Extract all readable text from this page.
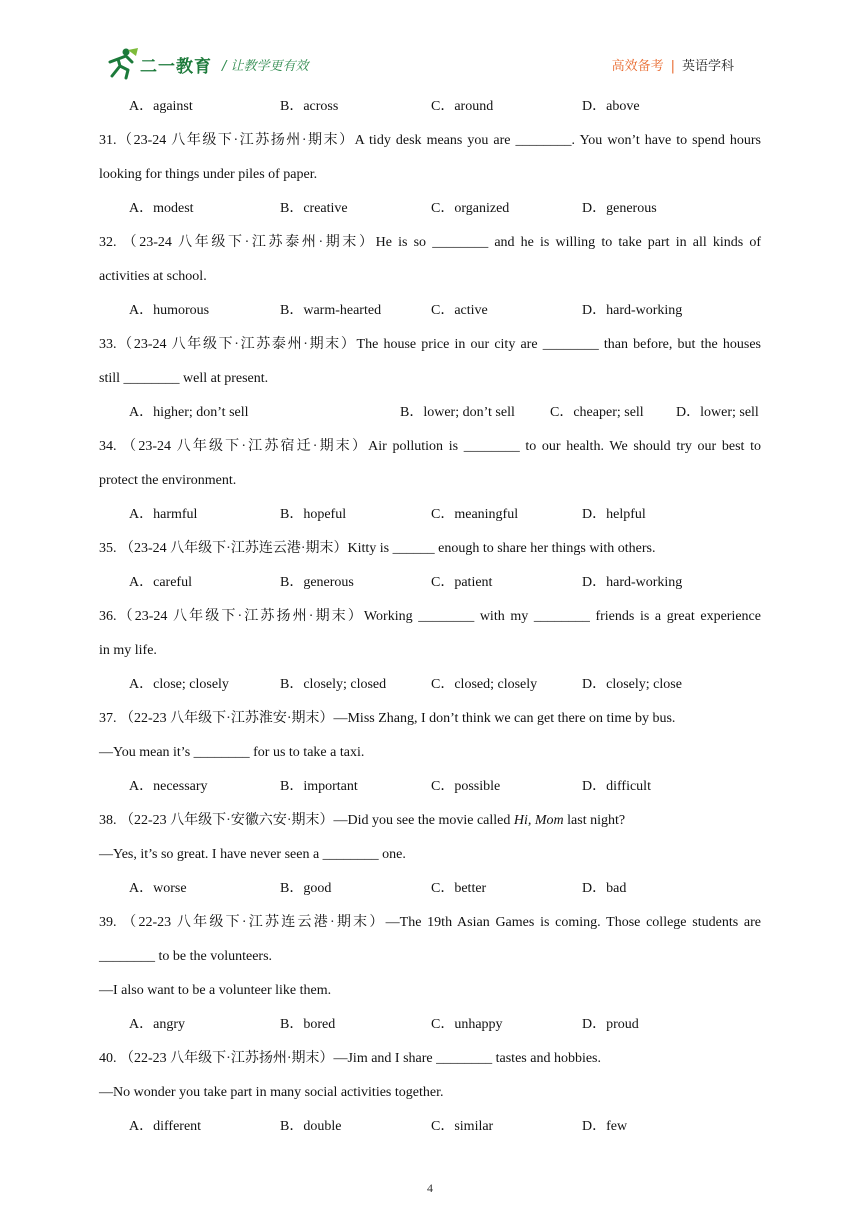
二一教育 / 让教学更有效	高效备考 | 英语学科
A．against	B．across	C．around	D．above
31.（23-24 八年级下·江苏扬州·期末）A tidy desk means you are ________. You won’t have to spend hours
looking for things under piles of paper.
A．modest	B．creative	C．organized	D．generous
32. （23-24 八年级下·江苏泰州·期末）He is so ________ and he is willing to take part in all kinds of
activities at school.
A．humorous	B．warm-hearted	C．active	D．hard-working
33.（23-24 八年级下·江苏泰州·期末）The house price in our city are ________ than before, but the houses
still ________ well at present.
A．higher; don’t sell	B．lower; don’t sell	C．cheaper; sell	D．lower; sell
34. （23-24 八年级下·江苏宿迁·期末）Air pollution is ________ to our health. We should try our best to
protect the environment.
A．harmful	B．hopeful	C．meaningful	D．helpful
35. （23-24 八年级下·江苏连云港·期末）Kitty is ______ enough to share her things with others.
A．careful	B．generous	C．patient	D．hard-working
36.（23-24 八年级下·江苏扬州·期末）Working ________ with my ________ friends is a great experience
in my life.
A．close; closely	B．closely; closed	C．closed; closely	D．closely; close
37. （22-23 八年级下·江苏淮安·期末）—Miss Zhang, I don’t think we can get there on time by bus.
—You mean it’s ________ for us to take a taxi.
A．necessary	B．important	C．possible	D．difficult
38. （22-23 八年级下·安徽六安·期末）—Did you see the movie called Hi, Mom last night?
—Yes, it’s so great. I have never seen a ________ one.
A．worse	B．good	C．better	D．bad
39. （22-23 八年级下·江苏连云港·期末）—The 19th Asian Games is coming. Those college students are
________ to be the volunteers.
—I also want to be a volunteer like them.
A．angry	B．bored	C．unhappy	D．proud
40. （22-23 八年级下·江苏扬州·期末）—Jim and I share ________ tastes and hobbies.
—No wonder you take part in many social activities together.
A．different	B．double	C．similar	D．few
4
